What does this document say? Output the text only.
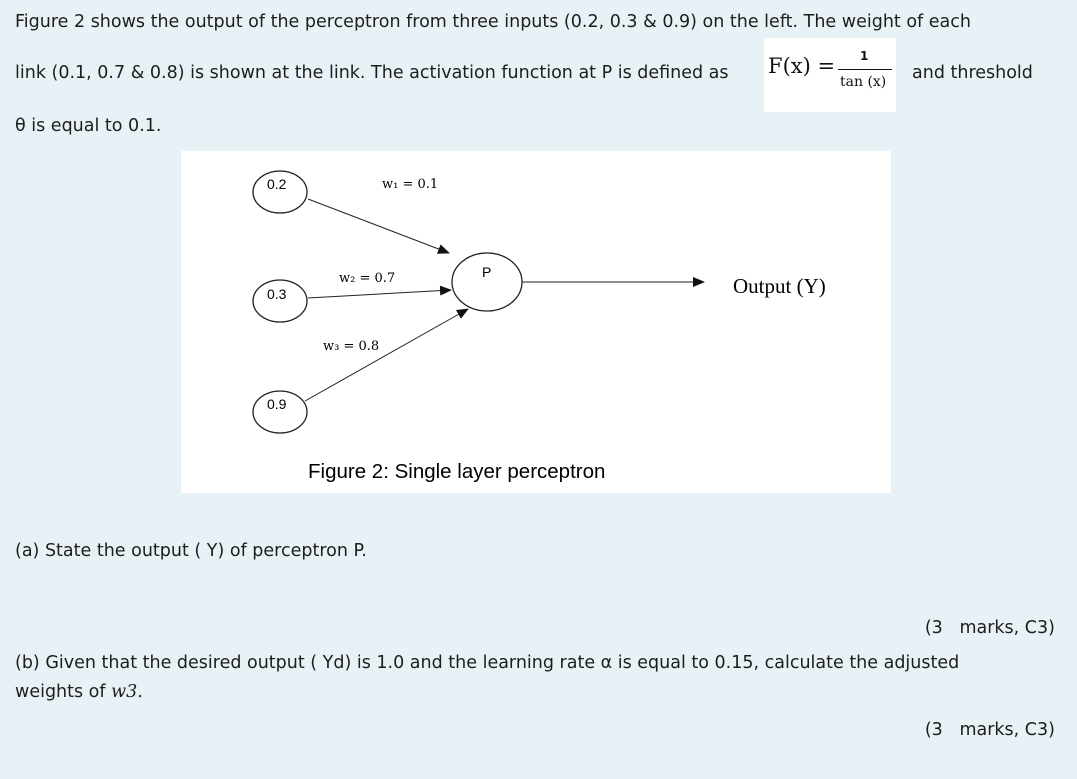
Figure 2 shows the output of the perceptron from three inputs (0.2, 0.3 & 0.9) on the left. The weight of each
link (0.1, 0.7 & 0.8) is shown at the link. The activation function at P is defined as F(x) = 1
tan (x) and threshold
θ is equal to 0.1.
0.2
0.3
0.9
P
w₁ = 0.1
w₂ = 0.7
w₃ = 0.8
Output (Y)
Figure 2: Single layer perceptron
(a) State the output ( Y) of perceptron P.
(3   marks, C3)
(b) Given that the desired output ( Yd) is 1.0 and the learning rate α is equal to 0.15, calculate the adjusted
weights of w3.
(3   marks, C3)
